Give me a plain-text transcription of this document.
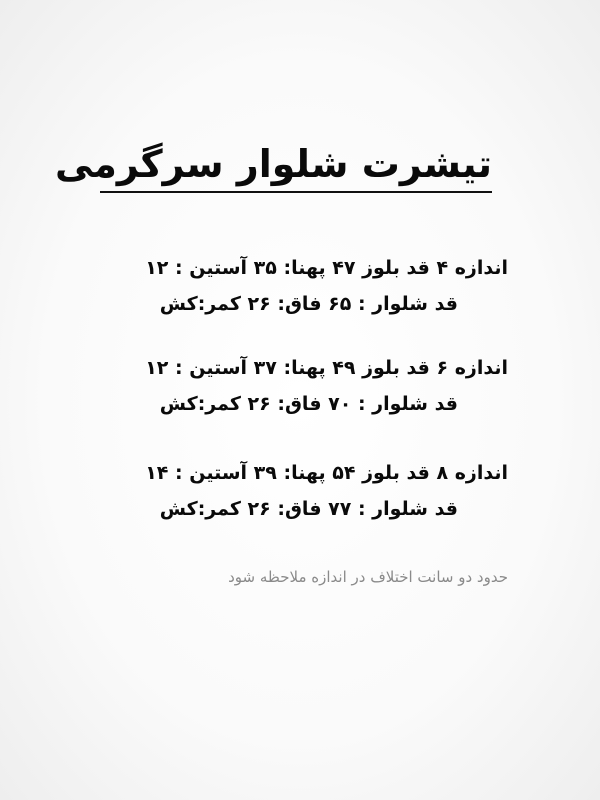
تیشرت شلوار سرگرمی
اندازه ۴ قد بلوز ۴۷ پهنا: ۳۵ آستین : ۱۲
قد شلوار : ۶۵ فاق: ۲۶ کمر:کش
اندازه ۶ قد بلوز ۴۹ پهنا: ۳۷ آستین : ۱۲
قد شلوار : ۷۰ فاق: ۲۶ کمر:کش
اندازه ۸ قد بلوز ۵۴ پهنا: ۳۹ آستین : ۱۴
قد شلوار : ۷۷ فاق: ۲۶ کمر:کش
حدود دو سانت اختلاف در اندازه ملاحظه شود
